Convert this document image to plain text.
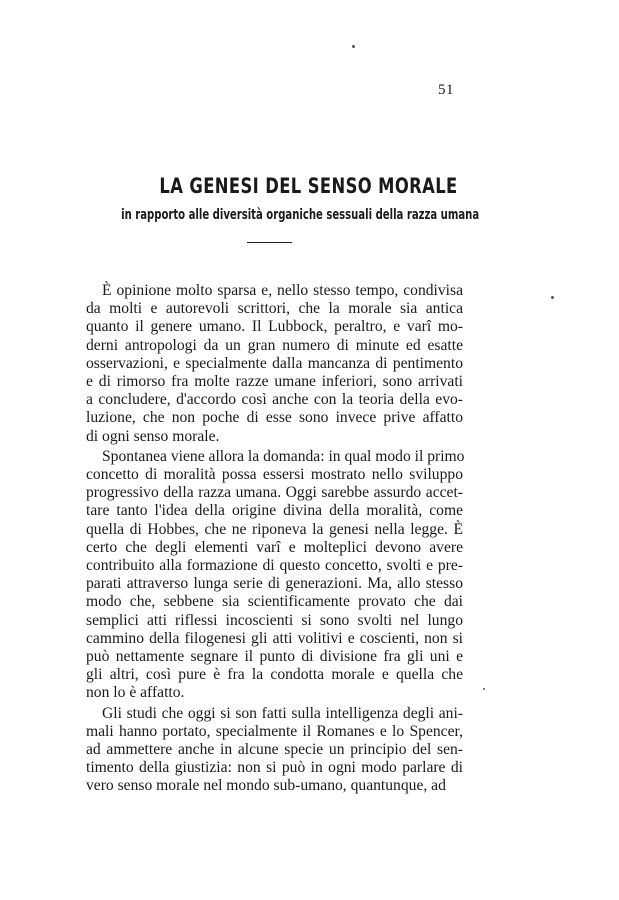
51
LA GENESI DEL SENSO MORALE
in rapporto alle diversità organiche sessuali della razza umana
È opinione molto sparsa e, nello stesso tempo, condivisa
da molti e autorevoli scrittori, che la morale sia antica
quanto il genere umano. Il Lubbock, peraltro, e varî mo-
derni antropologi da un gran numero di minute ed esatte
osservazioni, e specialmente dalla mancanza di pentimento
e di rimorso fra molte razze umane inferiori, sono arrivati
a concludere, d'accordo così anche con la teoria della evo-
luzione, che non poche di esse sono invece prive affatto
di ogni senso morale.
Spontanea viene allora la domanda: in qual modo il primo
concetto di moralità possa essersi mostrato nello sviluppo
progressivo della razza umana. Oggi sarebbe assurdo accet-
tare tanto l'idea della origine divina della moralità, come
quella di Hobbes, che ne riponeva la genesi nella legge. È
certo che degli elementi varî e molteplici devono avere
contribuito alla formazione di questo concetto, svolti e pre-
parati attraverso lunga serie di generazioni. Ma, allo stesso
modo che, sebbene sia scientificamente provato che dai
semplici atti riflessi incoscienti si sono svolti nel lungo
cammino della filogenesi gli atti volitivi e coscienti, non si
può nettamente segnare il punto di divisione fra gli uni e
gli altri, così pure è fra la condotta morale e quella che
non lo è affatto.
Gli studi che oggi si son fatti sulla intelligenza degli ani-
mali hanno portato, specialmente il Romanes e lo Spencer,
ad ammettere anche in alcune specie un principio del sen-
timento della giustizia: non si può in ogni modo parlare di
vero senso morale nel mondo sub-umano, quantunque, ad
